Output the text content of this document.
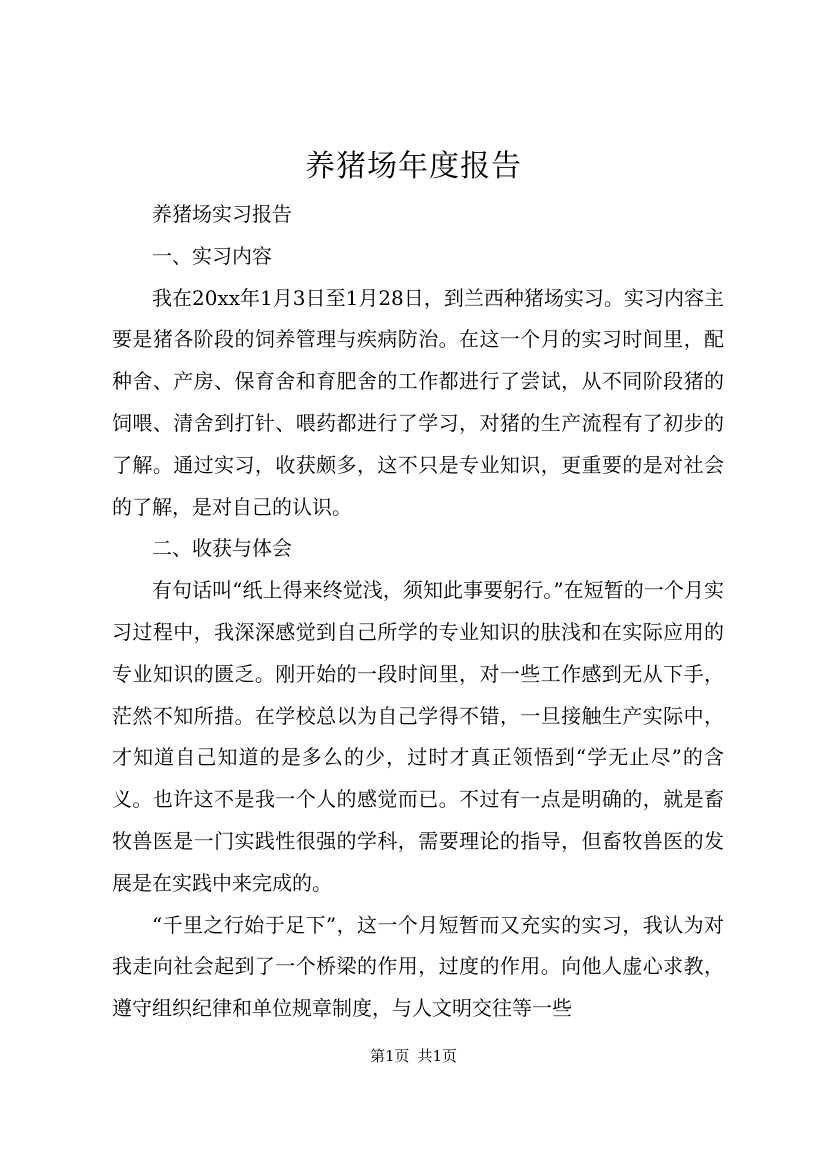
养猪场年度报告

养猪场实习报告

一、实习内容

我在20xx年1月3日至1月28日，到兰西种猪场实习。实习内容主要是猪各阶段的饲养管理与疾病防治。在这一个月的实习时间里，配种舍、产房、保育舍和育肥舍的工作都进行了尝试，从不同阶段猪的饲喂、清舍到打针、喂药都进行了学习，对猪的生产流程有了初步的了解。通过实习，收获颇多，这不只是专业知识，更重要的是对社会的了解，是对自己的认识。

二、收获与体会

有句话叫“纸上得来终觉浅，须知此事要躬行。”在短暂的一个月实习过程中，我深深感觉到自己所学的专业知识的肤浅和在实际应用的专业知识的匮乏。刚开始的一段时间里，对一些工作感到无从下手，茫然不知所措。在学校总以为自己学得不错，一旦接触生产实际中，才知道自己知道的是多么的少，过时才真正领悟到“学无止尽”的含义。也许这不是我一个人的感觉而已。不过有一点是明确的，就是畜牧兽医是一门实践性很强的学科，需要理论的指导，但畜牧兽医的发展是在实践中来完成的。

“千里之行始于足下”，这一个月短暂而又充实的实习，我认为对我走向社会起到了一个桥梁的作用，过度的作用。向他人虚心求教，遵守组织纪律和单位规章制度，与人文明交往等一些

第1页 共1页
